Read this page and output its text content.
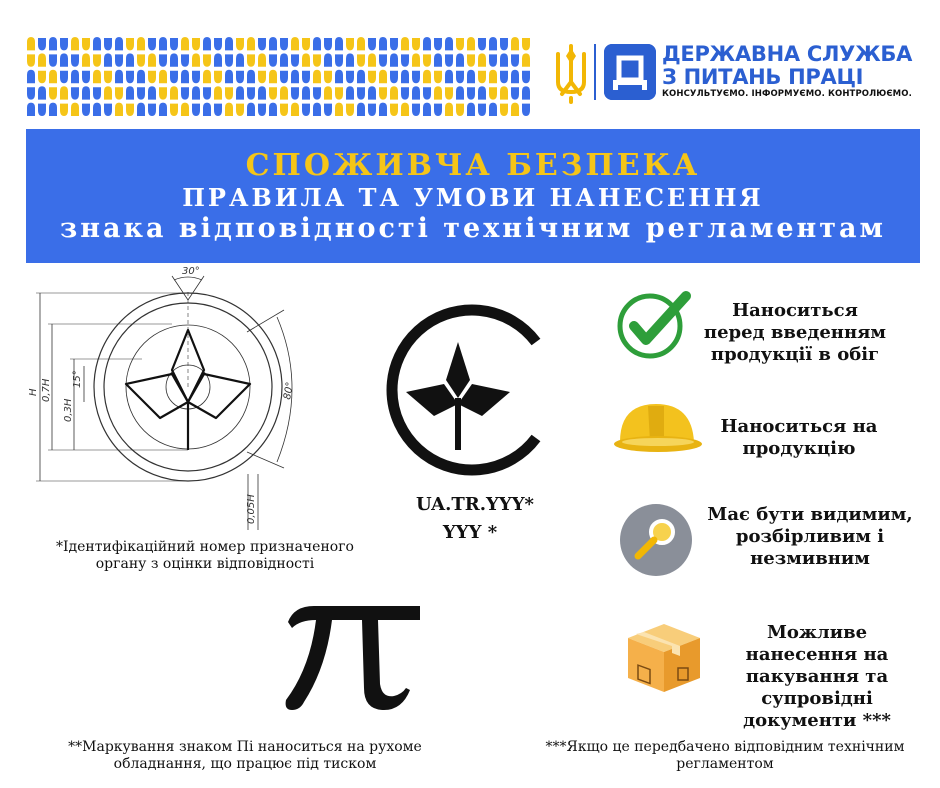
ДЕРЖАВНА СЛУЖБА
З ПИТАНЬ ПРАЦІ
КОНСУЛЬТУЄМО. ІНФОРМУЄМО. КОНТРОЛЮЄМО.
СПОЖИВЧА БЕЗПЕКА
ПРАВИЛА ТА УМОВИ НАНЕСЕННЯ
знака відповідності технічним регламентам
30°
80°
H 0,7H
0,3H
15°
0,05H	UA.TR.YYY*
YYY *
*Ідентифікаційний номер призначеного органу з оцінки відповідності
**Маркування знаком Пі наноситься на рухоме обладнання, що працює під тиском
***Якщо це передбачено відповідним технічним регламентом
Наноситься перед введенням продукції в обіг
Наноситься на продукцію
Має бути видимим, розбірливим і незмивним
Можливе нанесення на пакування та супровідні документи ***
